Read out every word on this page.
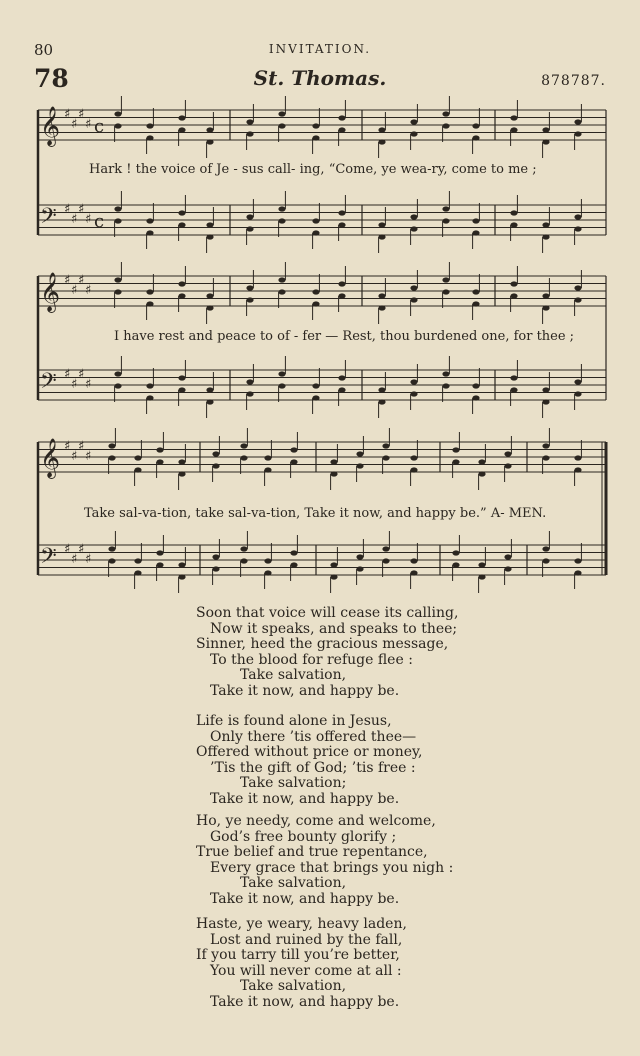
80	INVITATION.
78	St. Thomas.	878787.
𝄞 ♯
♯
♯
♯ c
𝄢 ♯
♯
♯
♯ c
𝄞 ♯
♯
♯
♯
𝄢 ♯
♯
♯
♯
𝄞 ♯
♯
♯
♯
𝄢 ♯
♯
♯
♯
Hark ! the voice of Je - sus call- ing, “Come, ye wea-ry, come to me ;
I have rest and peace to of - fer — Rest, thou burdened one, for thee ;
Take sal-va-tion, take sal-va-tion, Take it now, and happy be.” A- MEN.
Soon that voice will cease its calling,
Now it speaks, and speaks to thee;
Sinner, heed the gracious message,
To the blood for refuge flee :
Take salvation,
Take it now, and happy be.
Life is found alone in Jesus,
Only there ’tis offered thee—
Offered without price or money,
’Tis the gift of God; ’tis free :
Take salvation;
Take it now, and happy be.
Ho, ye needy, come and welcome,
God’s free bounty glorify ;
True belief and true repentance,
Every grace that brings you nigh :
Take salvation,
Take it now, and happy be.
Haste, ye weary, heavy laden,
Lost and ruined by the fall,
If you tarry till you’re better,
You will never come at all :
Take salvation,
Take it now, and happy be.
